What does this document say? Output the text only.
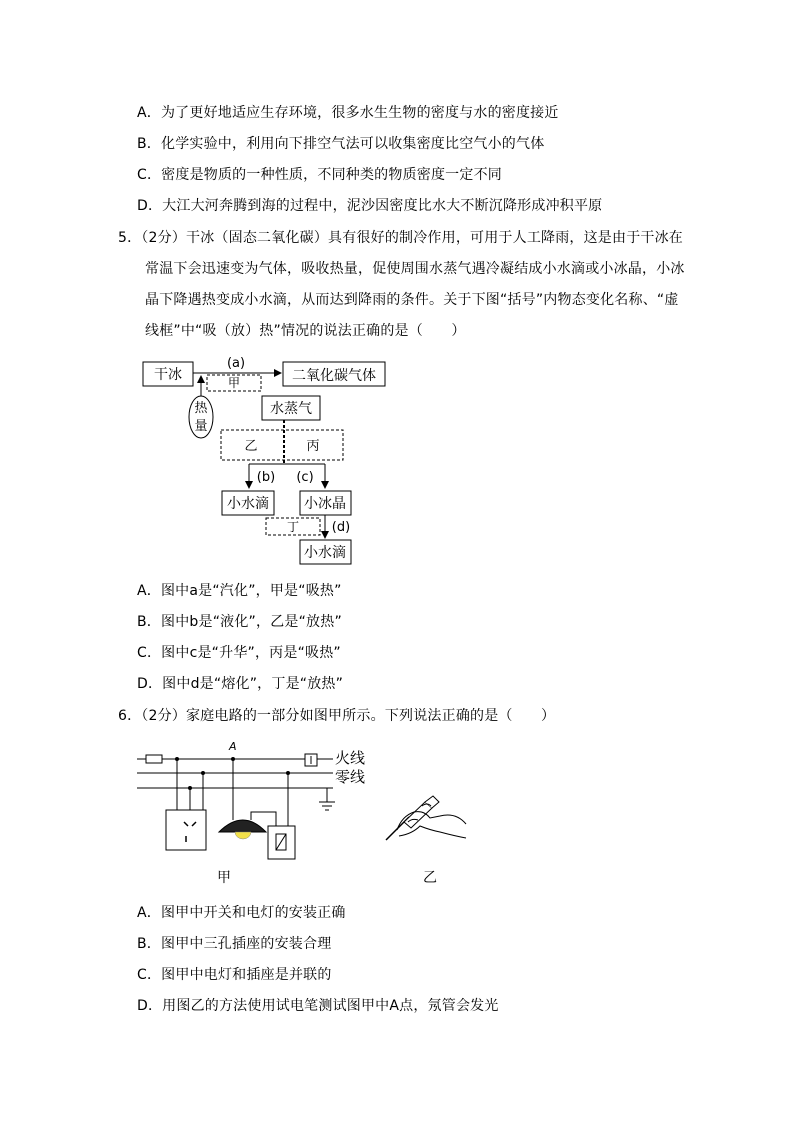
A．为了更好地适应生存环境，很多水生生物的密度与水的密度接近
B．化学实验中，利用向下排空气法可以收集密度比空气小的气体
C．密度是物质的一种性质，不同种类的物质密度一定不同
D．大江大河奔腾到海的过程中，泥沙因密度比水大不断沉降形成冲积平原
5．（2分）干冰（固态二氧化碳）具有很好的制冷作用，可用于人工降雨，这是由于干冰在
常温下会迅速变为气体，吸收热量，促使周围水蒸气遇冷凝结成小水滴或小冰晶，小冰
晶下降遇热变成小水滴，从而达到降雨的条件。关于下图“括号”内物态变化名称、“虚
线框”中“吸（放）热”情况的说法正确的是（　　）
干冰
(a)
甲	二氧化碳气体
热
量
水蒸气
乙	丙
(b) (c)
小水滴	小冰晶
(d)
丁
小水滴
A．图中a是“汽化”，甲是“吸热”
B．图中b是“液化”，乙是“放热”
C．图中c是“升华”，丙是“吸热”
D．图中d是“熔化”，丁是“放热”
6．（2分）家庭电路的一部分如图甲所示。下列说法正确的是（　　）
火线
零线
A
甲	乙
A．图甲中开关和电灯的安装正确
B．图甲中三孔插座的安装合理
C．图甲中电灯和插座是并联的
D．用图乙的方法使用试电笔测试图甲中A点，氖管会发光
